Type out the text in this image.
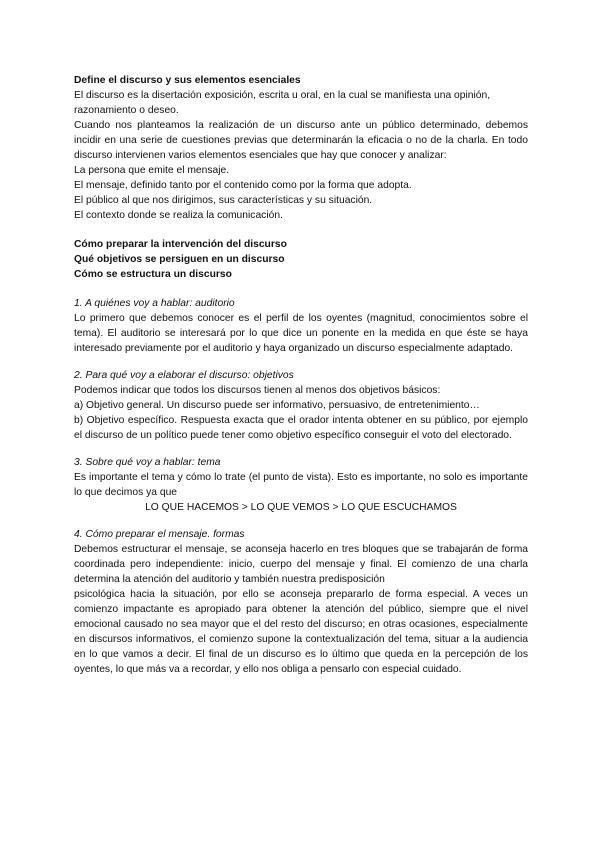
Define el discurso y sus elementos esenciales

El discurso es la disertación exposición, escrita u oral, en la cual se manifiesta una opinión, razonamiento o deseo.

Cuando nos planteamos la realización de un discurso ante un público determinado, debemos incidir en una serie de cuestiones previas que determinarán la eficacia o no de la charla. En todo discurso intervienen varios elementos esenciales que hay que conocer y analizar:

La persona que emite el mensaje.

El mensaje, definido tanto por el contenido como por la forma que adopta.

El público al que nos dirigimos, sus características y su situación.

El contexto donde se realiza la comunicación.

Cómo preparar la intervención del discurso

Qué objetivos se persiguen en un discurso

Cómo se estructura un discurso

1. A quiénes voy a hablar: auditorio

Lo primero que debemos conocer es el perfil de los oyentes (magnitud, conocimientos sobre el tema). El auditorio se interesará por lo que dice un ponente en la medida en que éste se haya interesado previamente por el auditorio y haya organizado un discurso especialmente adaptado.

2. Para qué voy a elaborar el discurso: objetivos

Podemos indicar que todos los discursos tienen al menos dos objetivos básicos:

a) Objetivo general. Un discurso puede ser informativo, persuasivo, de entretenimiento…

b) Objetivo específico. Respuesta exacta que el orador intenta obtener en su público, por ejemplo el discurso de un político puede tener como objetivo específico conseguir el voto del electorado.

3. Sobre qué voy a hablar: tema

Es importante el tema y cómo lo trate (el punto de vista). Esto es importante, no solo es importante lo que decimos ya que

LO QUE HACEMOS > LO QUE VEMOS > LO QUE ESCUCHAMOS

4. Cómo preparar el mensaje. formas

Debemos estructurar el mensaje, se aconseja hacerlo en tres bloques que se trabajarán de forma coordinada pero independiente: inicio, cuerpo del mensaje y final. El comienzo de una charla determina la atención del auditorio y también nuestra predisposición

psicológica hacia la situación, por ello se aconseja prepararlo de forma especial. A veces un comienzo impactante es apropiado para obtener la atención del público, siempre que el nivel emocional causado no sea mayor que el del resto del discurso; en otras ocasiones, especialmente en discursos informativos, el comienzo supone la contextualización del tema, situar a la audiencia en lo que vamos a decir. El final de un discurso es lo último que queda en la percepción de los oyentes, lo que más va a recordar, y ello nos obliga a pensarlo con especial cuidado.
